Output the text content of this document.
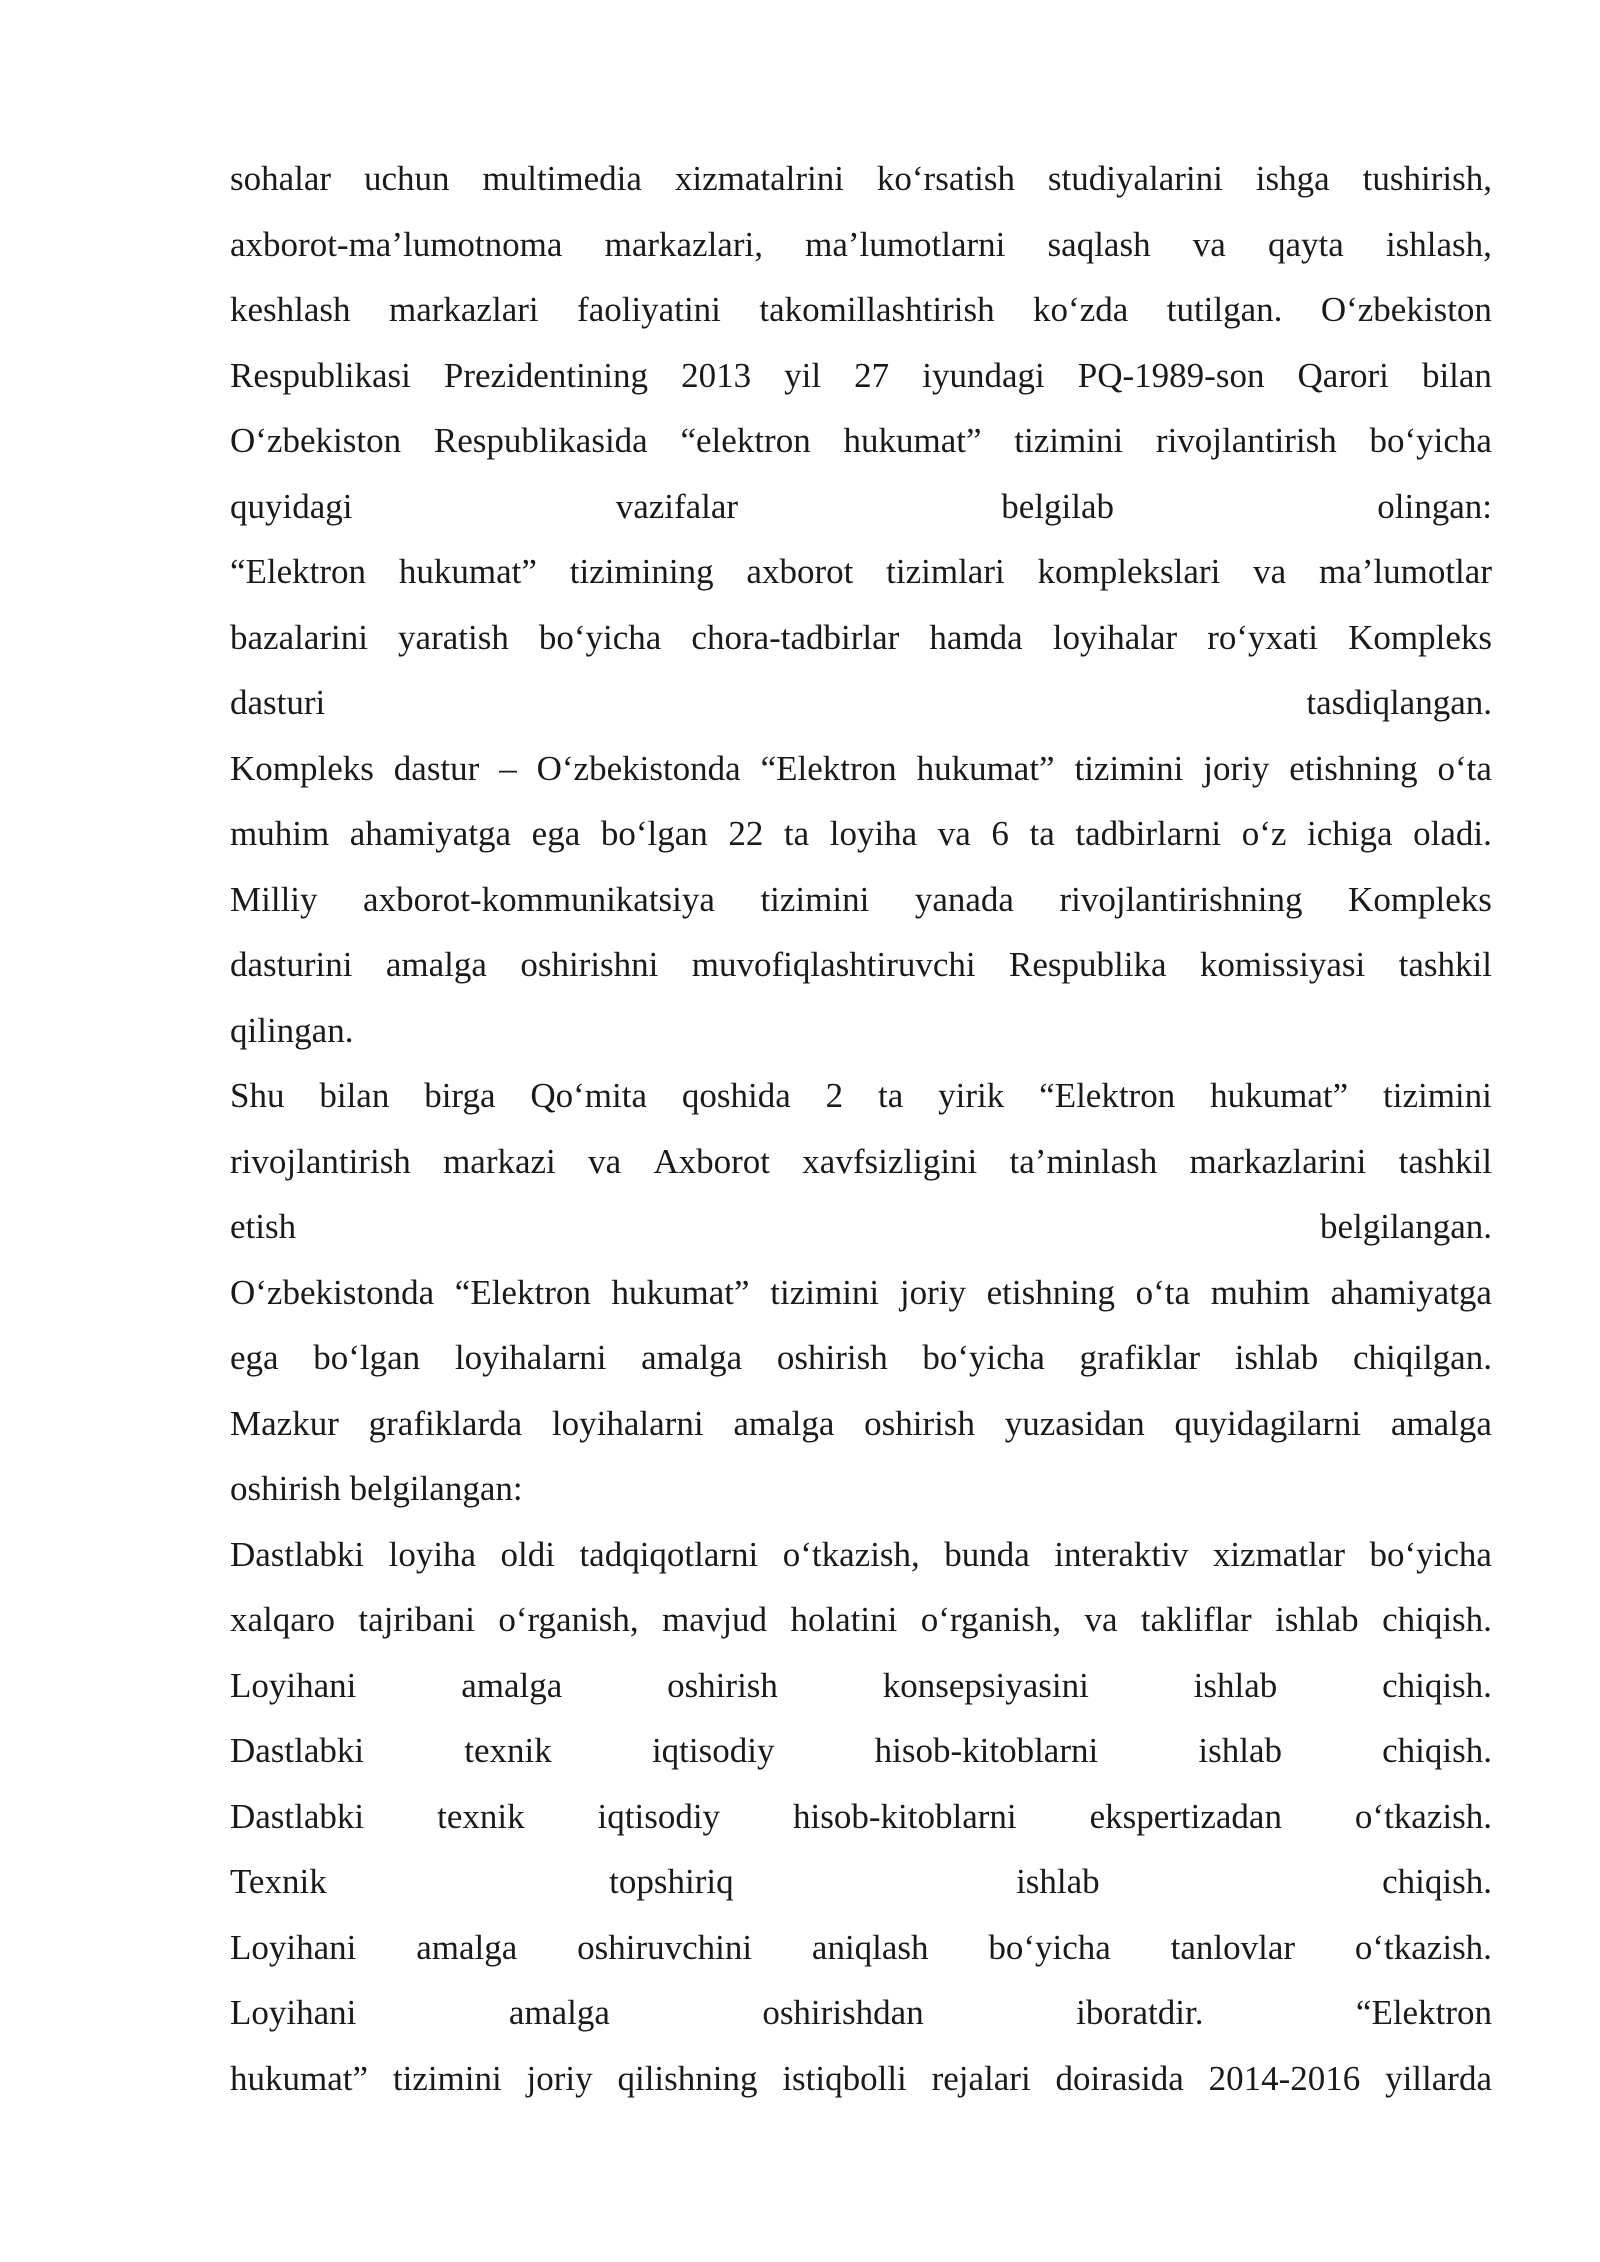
sohalar uchun multimedia xizmatalrini ko‘rsatish studiyalarini ishga tushirish,
axborot-ma’lumotnoma markazlari, ma’lumotlarni saqlash va qayta ishlash,
keshlash markazlari faoliyatini takomillashtirish ko‘zda tutilgan. O‘zbekiston
Respublikasi Prezidentining 2013 yil 27 iyundagi PQ-1989-son Qarori bilan
O‘zbekiston Respublikasida “elektron hukumat” tizimini rivojlantirish bo‘yicha
quyidagi	vazifalar	belgilab	olingan:
“Elektron hukumat” tizimining axborot tizimlari komplekslari va ma’lumotlar
bazalarini yaratish bo‘yicha chora-tadbirlar hamda loyihalar ro‘yxati Kompleks
dasturi	tasdiqlangan.
Kompleks dastur – O‘zbekistonda “Elektron hukumat” tizimini joriy etishning o‘ta
muhim ahamiyatga ega bo‘lgan 22 ta loyiha va 6 ta tadbirlarni o‘z ichiga oladi.
Milliy axborot-kommunikatsiya tizimini yanada rivojlantirishning Kompleks
dasturini amalga oshirishni muvofiqlashtiruvchi Respublika komissiyasi tashkil
qilingan.
Shu bilan birga Qo‘mita qoshida 2 ta yirik “Elektron hukumat” tizimini
rivojlantirish markazi va Axborot xavfsizligini ta’minlash markazlarini tashkil
etish	belgilangan.
O‘zbekistonda “Elektron hukumat” tizimini joriy etishning o‘ta muhim ahamiyatga
ega bo‘lgan loyihalarni amalga oshirish bo‘yicha grafiklar ishlab chiqilgan.
Mazkur grafiklarda loyihalarni amalga oshirish yuzasidan quyidagilarni amalga
oshirish belgilangan:
Dastlabki loyiha oldi tadqiqotlarni o‘tkazish, bunda interaktiv xizmatlar bo‘yicha
xalqaro tajribani o‘rganish, mavjud holatini o‘rganish, va takliflar ishlab chiqish.
Loyihani	amalga	oshirish	konsepsiyasini	ishlab	chiqish.
Dastlabki	texnik	iqtisodiy	hisob-kitoblarni	ishlab	chiqish.
Dastlabki texnik iqtisodiy hisob-kitoblarni ekspertizadan o‘tkazish.
Texnik	topshiriq	ishlab	chiqish.
Loyihani amalga oshiruvchini aniqlash bo‘yicha tanlovlar o‘tkazish.
Loyihani	amalga	oshirishdan	iboratdir.	“Elektron
hukumat” tizimini joriy qilishning istiqbolli rejalari doirasida 2014-2016 yillarda
